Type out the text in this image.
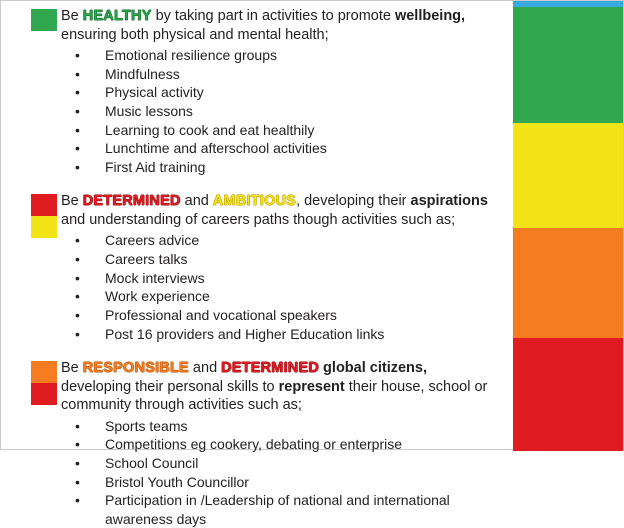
Be HEALTHY by taking part in activities to promote wellbeing, ensuring both physical and mental health;

• Emotional resilience groups
• Mindfulness
• Physical activity
• Music lessons
• Learning to cook and eat healthily
• Lunchtime and afterschool activities
• First Aid training

Be DETERMINED and AMBITIOUS, developing their aspirations and understanding of careers paths though activities such as;

• Careers advice
• Careers talks
• Mock interviews
• Work experience
• Professional and vocational speakers
• Post 16 providers and Higher Education links

Be RESPONSIBLE and DETERMINED global citizens, developing their personal skills to represent their house, school or community through activities such as;

• Sports teams
• Competitions eg cookery, debating or enterprise
• School Council
• Bristol Youth Councillor
• Participation in /Leadership of national and international awareness days
